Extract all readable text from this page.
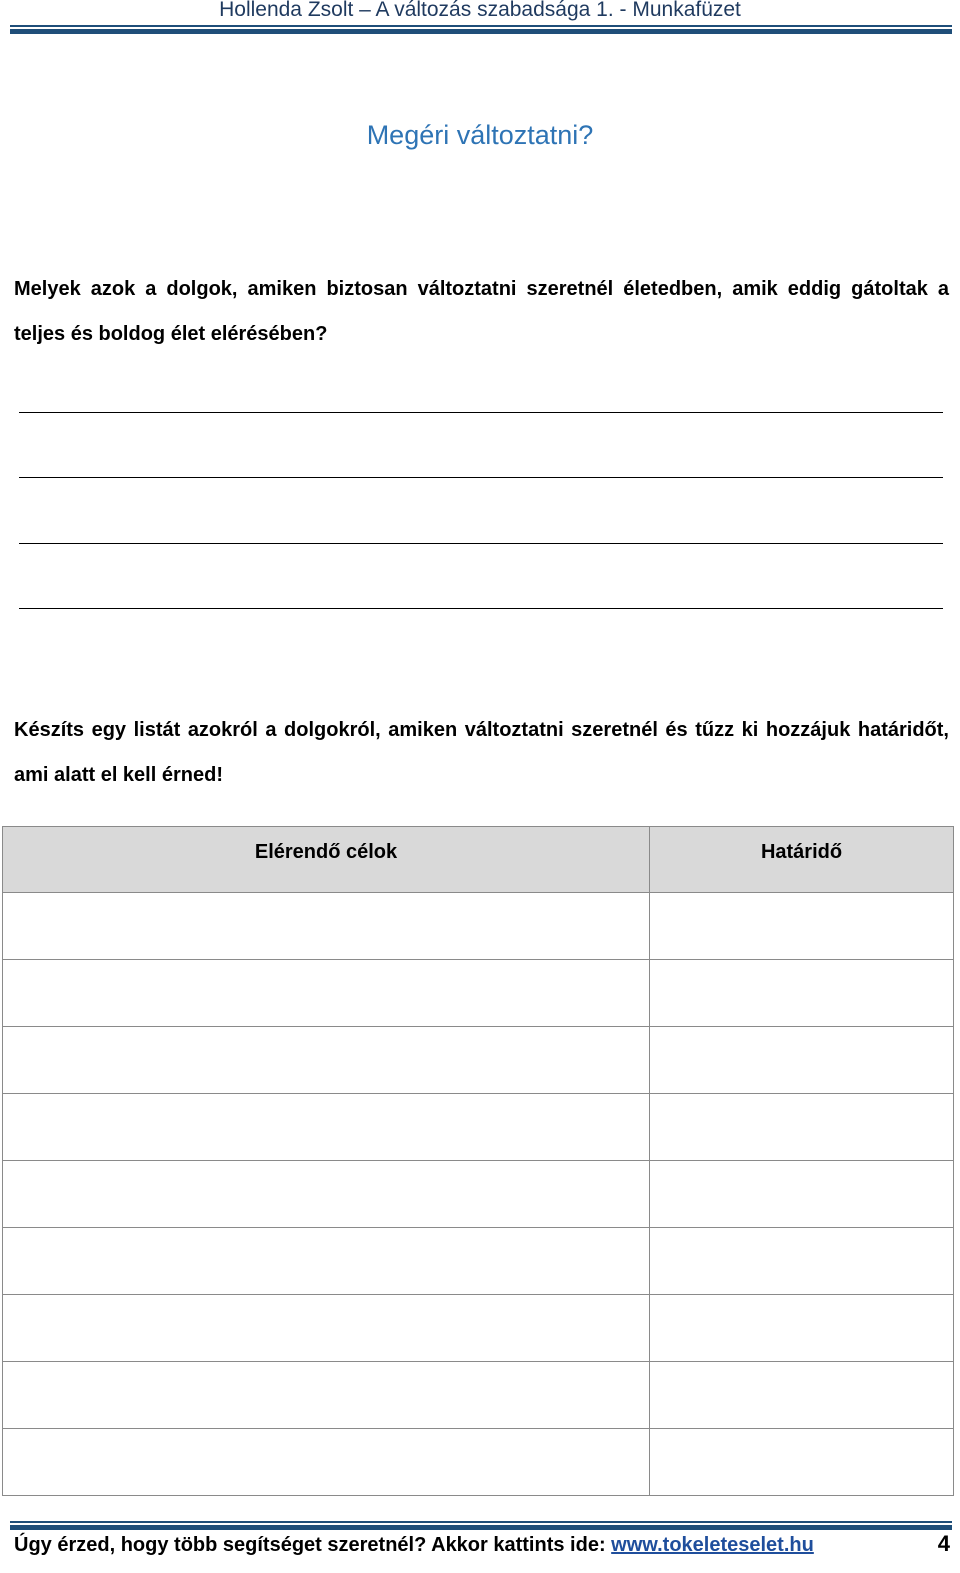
Hollenda Zsolt – A változás szabadsága 1. - Munkafüzet
Megéri változtatni?
Melyek azok a dolgok, amiken biztosan változtatni szeretnél életedben, amik eddig gátoltak a teljes és boldog élet elérésében?
Készíts egy listát azokról a dolgokról, amiken változtatni szeretnél és tűzz ki hozzájuk határidőt, ami alatt el kell érned!
Elérendő célok	Határidő

Úgy érzed, hogy több segítséget szeretnél? Akkor kattints ide: www.tokeleteselet.hu	4
